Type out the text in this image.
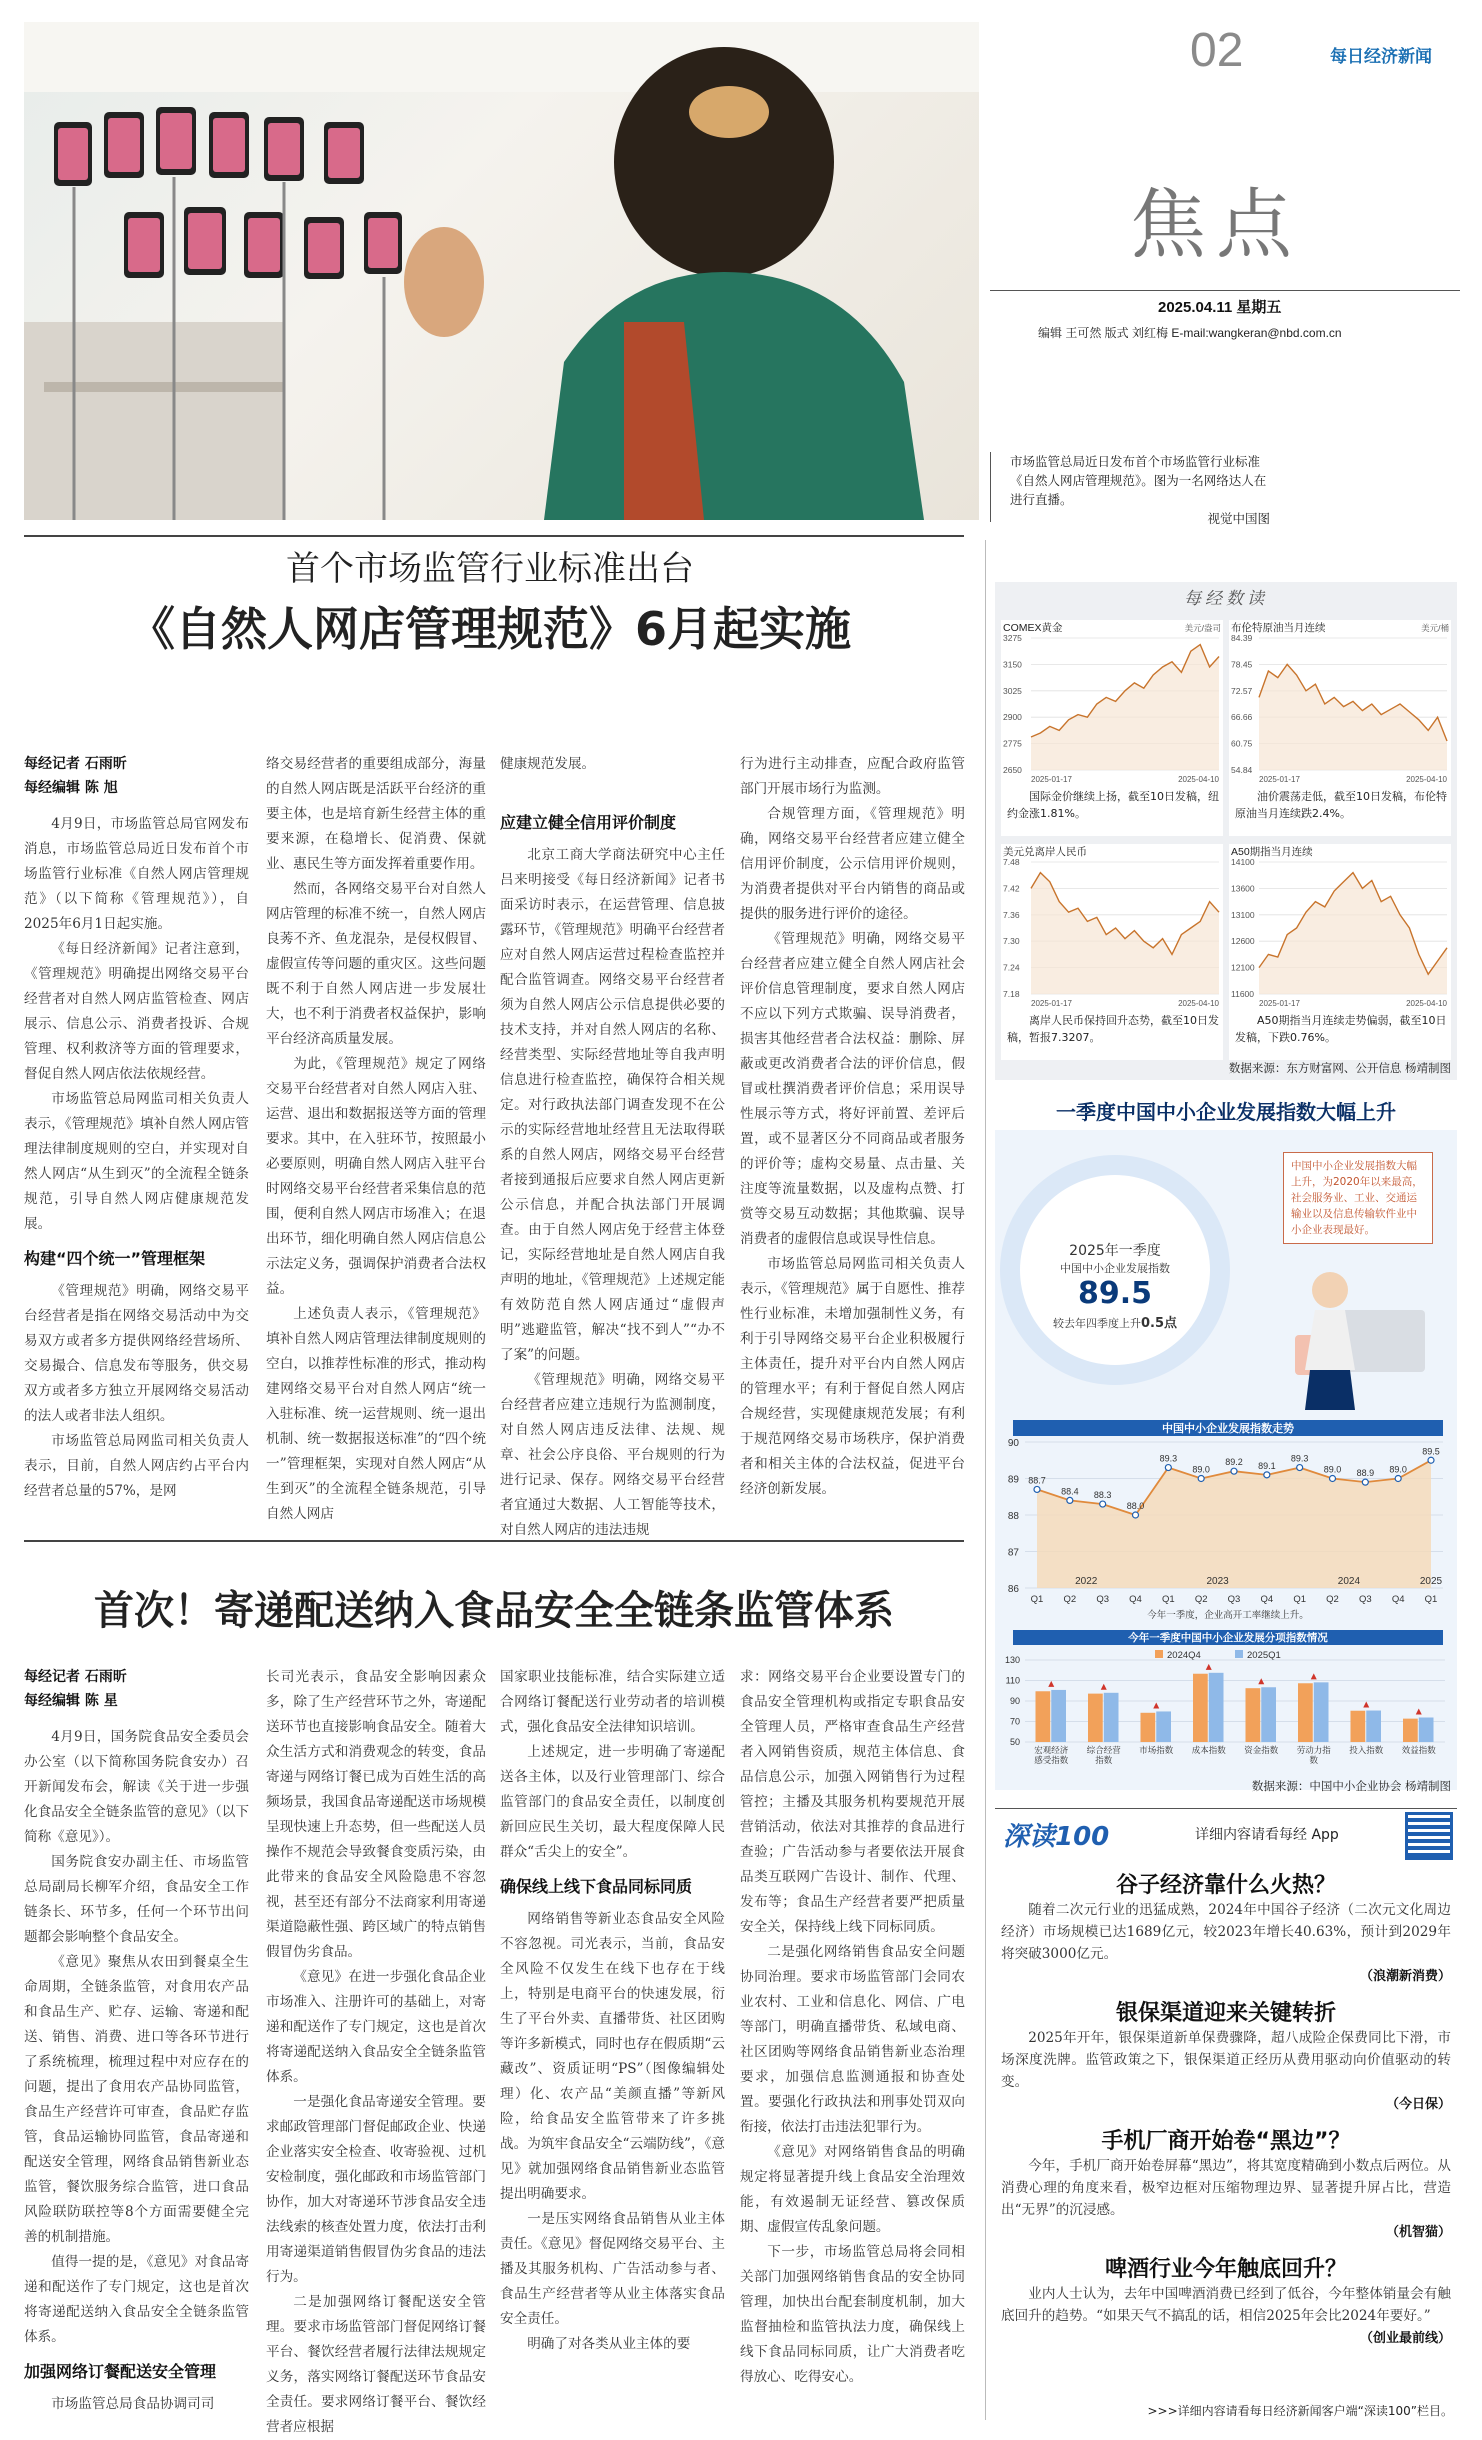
02	每日经济新闻
焦点
2025.04.11 星期五
编辑 王可然 版式 刘红梅 E-mail:wangkeran@nbd.com.cn
市场监管总局近日发布首个市场监管行业标准《自然人网店管理规范》。图为一名网络达人在进行直播。
视觉中国图
首个市场监管行业标准出台
《自然人网店管理规范》6月起实施
每经记者 石雨昕
每经编辑 陈 旭

4月9日，市场监管总局官网发布消息，市场监管总局近日发布首个市场监管行业标准《自然人网店管理规范》（以下简称《管理规范》），自2025年6月1日起实施。

《每日经济新闻》记者注意到，《管理规范》明确提出网络交易平台经营者对自然人网店监管检查、网店展示、信息公示、消费者投诉、合规管理、权利救济等方面的管理要求，督促自然人网店依法依规经营。

市场监管总局网监司相关负责人表示，《管理规范》填补自然人网店管理法律制度规则的空白，并实现对自然人网店“从生到灭”的全流程全链条规范，引导自然人网店健康规范发展。

构建“四个统一”管理框架

《管理规范》明确，网络交易平台经营者是指在网络交易活动中为交易双方或者多方提供网络经营场所、交易撮合、信息发布等服务，供交易双方或者多方独立开展网络交易活动的法人或者非法人组织。

市场监管总局网监司相关负责人表示，目前，自然人网店约占平台内经营者总量的57%，是网

络交易经营者的重要组成部分，海量的自然人网店既是活跃平台经济的重要主体，也是培育新生经营主体的重要来源，在稳增长、促消费、保就业、惠民生等方面发挥着重要作用。

然而，各网络交易平台对自然人网店管理的标准不统一，自然人网店良莠不齐、鱼龙混杂，是侵权假冒、虚假宣传等问题的重灾区。这些问题既不利于自然人网店进一步发展壮大，也不利于消费者权益保护，影响平台经济高质量发展。

为此，《管理规范》规定了网络交易平台经营者对自然人网店入驻、运营、退出和数据报送等方面的管理要求。其中，在入驻环节，按照最小必要原则，明确自然人网店入驻平台时网络交易平台经营者采集信息的范围，便利自然人网店市场准入；在退出环节，细化明确自然人网店信息公示法定义务，强调保护消费者合法权益。

上述负责人表示，《管理规范》填补自然人网店管理法律制度规则的空白，以推荐性标准的形式，推动构建网络交易平台对自然人网店“统一入驻标准、统一运营规则、统一退出机制、统一数据报送标准”的“四个统一”管理框架，实现对自然人网店“从生到灭”的全流程全链条规范，引导自然人网店

健康规范发展。

应建立健全信用评价制度

北京工商大学商法研究中心主任吕来明接受《每日经济新闻》记者书面采访时表示，在运营管理、信息披露环节，《管理规范》明确平台经营者应对自然人网店运营过程检查监控并配合监管调查。网络交易平台经营者须为自然人网店公示信息提供必要的技术支持，并对自然人网店的名称、经营类型、实际经营地址等自我声明信息进行检查监控，确保符合相关规定。对行政执法部门调查发现不在公示的实际经营地址经营且无法取得联系的自然人网店，网络交易平台经营者接到通报后应要求自然人网店更新公示信息，并配合执法部门开展调查。由于自然人网店免于经营主体登记，实际经营地址是自然人网店自我声明的地址，《管理规范》上述规定能有效防范自然人网店通过“虚假声明”逃避监管，解决“找不到人”“办不了案”的问题。

《管理规范》明确，网络交易平台经营者应建立违规行为监测制度，对自然人网店违反法律、法规、规章、社会公序良俗、平台规则的行为进行记录、保存。网络交易平台经营者宜通过大数据、人工智能等技术，对自然人网店的违法违规

行为进行主动排查，应配合政府监管部门开展市场行为监测。

合规管理方面，《管理规范》明确，网络交易平台经营者应建立健全信用评价制度，公示信用评价规则，为消费者提供对平台内销售的商品或提供的服务进行评价的途径。

《管理规范》明确，网络交易平台经营者应建立健全自然人网店社会评价信息管理制度，要求自然人网店不应以下列方式欺骗、误导消费者，损害其他经营者合法权益：删除、屏蔽或更改消费者合法的评价信息，假冒或杜撰消费者评价信息；采用误导性展示等方式，将好评前置、差评后置，或不显著区分不同商品或者服务的评价等；虚构交易量、点击量、关注度等流量数据，以及虚构点赞、打赏等交易互动数据；其他欺骗、误导消费者的虚假信息或误导性信息。

市场监管总局网监司相关负责人表示，《管理规范》属于自愿性、推荐性行业标准，未增加强制性义务，有利于引导网络交易平台企业积极履行主体责任，提升对平台内自然人网店的管理水平；有利于督促自然人网店合规经营，实现健康规范发展；有利于规范网络交易市场秩序，保护消费者和相关主体的合法权益，促进平台经济创新发展。

首次！寄递配送纳入食品安全全链条监管体系
每经记者 石雨昕
每经编辑 陈 星

4月9日，国务院食品安全委员会办公室（以下简称国务院食安办）召开新闻发布会，解读《关于进一步强化食品安全全链条监管的意见》（以下简称《意见》）。

国务院食安办副主任、市场监管总局副局长柳军介绍，食品安全工作链条长、环节多，任何一个环节出问题都会影响整个食品安全。

《意见》聚焦从农田到餐桌全生命周期，全链条监管，对食用农产品和食品生产、贮存、运输、寄递和配送、销售、消费、进口等各环节进行了系统梳理，梳理过程中对应存在的问题，提出了食用农产品协同监管，食品生产经营许可审查，食品贮存监管，食品运输协同监管，食品寄递和配送安全管理，网络食品销售新业态监管，餐饮服务综合监管，进口食品风险联防联控等8个方面需要健全完善的机制措施。

值得一提的是，《意见》对食品寄递和配送作了专门规定，这也是首次将寄递配送纳入食品安全全链条监管体系。

加强网络订餐配送安全管理

市场监管总局食品协调司司

长司光表示，食品安全影响因素众多，除了生产经营环节之外，寄递配送环节也直接影响食品安全。随着大众生活方式和消费观念的转变，食品寄递与网络订餐已成为百姓生活的高频场景，我国食品寄递配送市场规模呈现快速上升态势，但一些配送人员操作不规范会导致餐食变质污染，由此带来的食品安全风险隐患不容忽视，甚至还有部分不法商家利用寄递渠道隐蔽性强、跨区域广的特点销售假冒伪劣食品。

《意见》在进一步强化食品企业市场准入、注册许可的基础上，对寄递和配送作了专门规定，这也是首次将寄递配送纳入食品安全全链条监管体系。

一是强化食品寄递安全管理。要求邮政管理部门督促邮政企业、快递企业落实安全检查、收寄验视、过机安检制度，强化邮政和市场监管部门协作，加大对寄递环节涉食品安全违法线索的核查处置力度，依法打击利用寄递渠道销售假冒伪劣食品的违法行为。

二是加强网络订餐配送安全管理。要求市场监管部门督促网络订餐平台、餐饮经营者履行法律法规规定义务，落实网络订餐配送环节食品安全责任。要求网络订餐平台、餐饮经营者应根据

国家职业技能标准，结合实际建立适合网络订餐配送行业劳动者的培训模式，强化食品安全法律知识培训。

上述规定，进一步明确了寄递配送各主体，以及行业管理部门、综合监管部门的食品安全责任，以制度创新回应民生关切，最大程度保障人民群众“舌尖上的安全”。

确保线上线下食品同标同质

网络销售等新业态食品安全风险不容忽视。司光表示，当前，食品安全风险不仅发生在线下也存在于线上，特别是电商平台的快速发展，衍生了平台外卖、直播带货、社区团购等许多新模式，同时也存在假质期“云藏改”、资质证明“PS”（图像编辑处理）化、农产品“美颜直播”等新风险，给食品安全监管带来了许多挑战。为筑牢食品安全“云端防线”，《意见》就加强网络食品销售新业态监管提出明确要求。

一是压实网络食品销售从业主体责任。《意见》督促网络交易平台、主播及其服务机构、广告活动参与者、食品生产经营者等从业主体落实食品安全责任。

明确了对各类从业主体的要

求：网络交易平台企业要设置专门的食品安全管理机构或指定专职食品安全管理人员，严格审查食品生产经营者入网销售资质，规范主体信息、食品信息公示，加强入网销售行为过程管控；主播及其服务机构要规范开展营销活动，依法对其推荐的食品进行查验；广告活动参与者要依法开展食品类互联网广告设计、制作、代理、发布等；食品生产经营者要严把质量安全关，保持线上线下同标同质。

二是强化网络销售食品安全问题协同治理。要求市场监管部门会同农业农村、工业和信息化、网信、广电等部门，明确直播带货、私域电商、社区团购等网络食品销售新业态治理要求，加强信息监测通报和协查处置。要强化行政执法和刑事处罚双向衔接，依法打击违法犯罪行为。

《意见》对网络销售食品的明确规定将显著提升线上食品安全治理效能，有效遏制无证经营、篡改保质期、虚假宣传乱象问题。

下一步，市场监管总局将会同相关部门加强网络销售食品的安全协同管理，加快出台配套制度机制，加大监督抽检和监管执法力度，确保线上线下食品同标同质，让广大消费者吃得放心、吃得安心。

每经数读
COMEX黄金	美元/盎司
3275
3150
3025
2900
2775
2650
2025-01-17	2025-04-10
国际金价继续上扬，截至10日发稿，纽约金涨1.81%。
布伦特原油当月连续	美元/桶
84.39
78.45
72.57
66.66
60.75
54.84
2025-01-17	2025-04-10
油价震荡走低，截至10日发稿，布伦特原油当月连续跌2.4%。
美元兑离岸人民币
7.48
7.42
7.36
7.30
7.24
7.18
2025-01-17	2025-04-10
离岸人民币保持回升态势，截至10日发稿，暂报7.3207。
A50期指当月连续
14100
13600
13100
12600
12100
11600
2025-01-17	2025-04-10
A50期指当月连续走势偏弱，截至10日发稿，下跌0.76%。
数据来源：东方财富网、公开信息 杨靖制图
一季度中国中小企业发展指数大幅上升
中国中小企业发展指数大幅上升，为2020年以来最高，社会服务业、工业、交通运输业以及信息传输软件业中小企业表现最好。
2025年一季度
中国中小企业发展指数
89.5
较去年四季度上升0.5点
中国中小企业发展指数走势
86
87
88
89
90
88.7
Q1
88.4
Q2
88.3
Q3
88.0
Q4
89.3
Q1
89.0
Q2
89.2
Q3
89.1
Q4
89.3
Q1
89.0
Q2
88.9
Q3
89.0
Q4
89.5
Q1
2022	2023	2024	2025
今年一季度，企业高开工率继续上升。
今年一季度中国中小企业发展分项指数情况
2024Q4	2025Q1
50
70
90
110
130
宏观经济
感受指数
综合经营
指数
市场指数 成本指数 资金指数 劳动力指
数
投入指数 效益指数
数据来源：中国中小企业协会 杨靖制图
深读100	详细内容请看每经 App
谷子经济靠什么火热？
随着二次元行业的迅猛成熟，2024年中国谷子经济（二次元文化周边经济）市场规模已达1689亿元，较2023年增长40.63%，预计到2029年将突破3000亿元。
（浪潮新消费）
银保渠道迎来关键转折
2025年开年，银保渠道新单保费骤降，超八成险企保费同比下滑，市场深度洗牌。监管政策之下，银保渠道正经历从费用驱动向价值驱动的转变。
（今日保）
手机厂商开始卷“黑边”？
今年，手机厂商开始卷屏幕“黑边”，将其宽度精确到小数点后两位。从消费心理的角度来看，极窄边框对压缩物理边界、显著提升屏占比，营造出“无界”的沉浸感。
（机智猫）
啤酒行业今年触底回升？
业内人士认为，去年中国啤酒消费已经到了低谷，今年整体销量会有触底回升的趋势。“如果天气不搞乱的话，相信2025年会比2024年要好。”
（创业最前线）
>>>详细内容请看每日经济新闻客户端“深读100”栏目。
